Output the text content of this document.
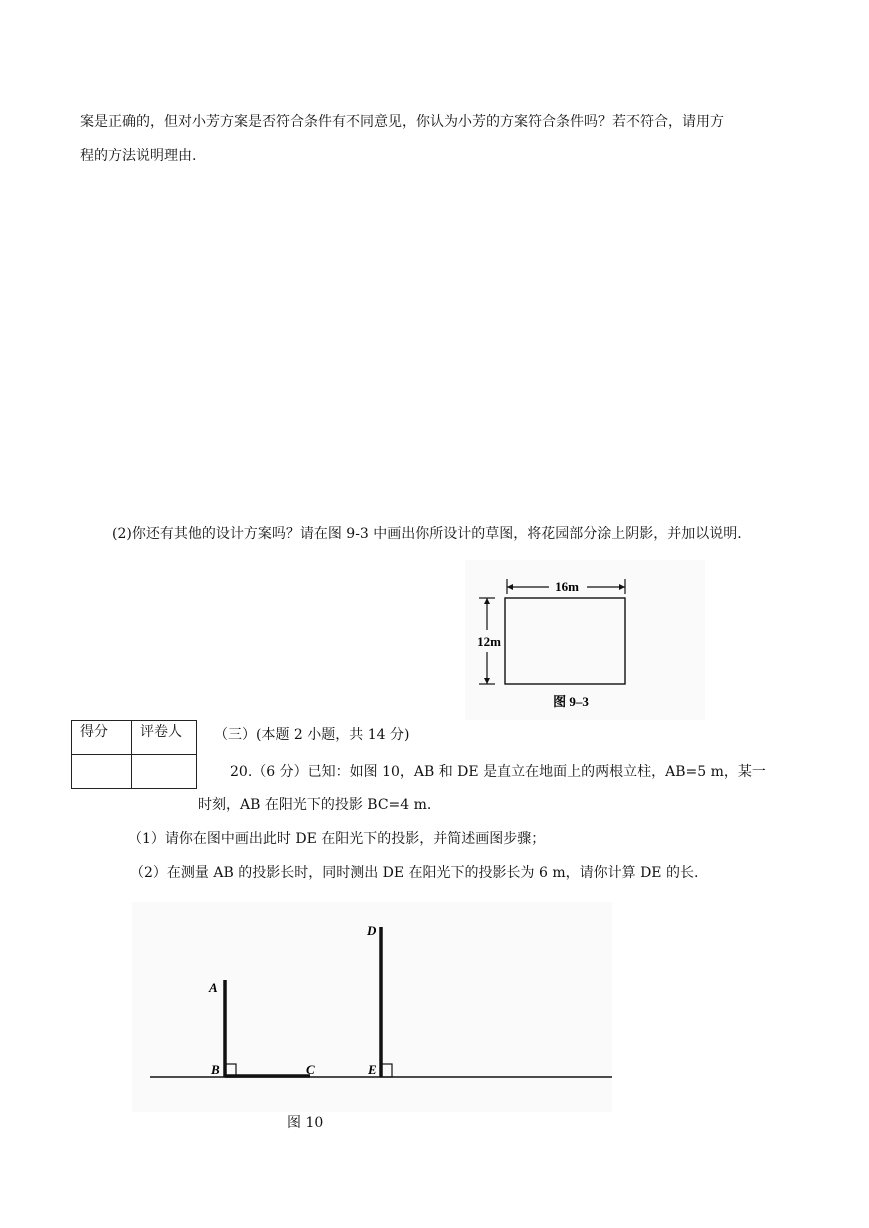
案是正确的，但对小芳方案是否符合条件有不同意见，你认为小芳的方案符合条件吗？若不符合，请用方
程的方法说明理由.
(2)你还有其他的设计方案吗？请在图 9-3 中画出你所设计的草图，将花园部分涂上阴影，并加以说明.
16m
12m
图 9–3
得分	评卷人
	（三）(本题 2 小题，共 14 分)
20.（6 分）已知：如图 10，AB 和 DE 是直立在地面上的两根立柱，AB=5 m，某一
时刻，AB 在阳光下的投影 BC=4 m.
（1）请你在图中画出此时 DE 在阳光下的投影，并简述画图步骤；
（2）在测量 AB 的投影长时，同时测出 DE 在阳光下的投影长为 6 m，请你计算 DE 的长.
A
B	C
D
E
图 10
